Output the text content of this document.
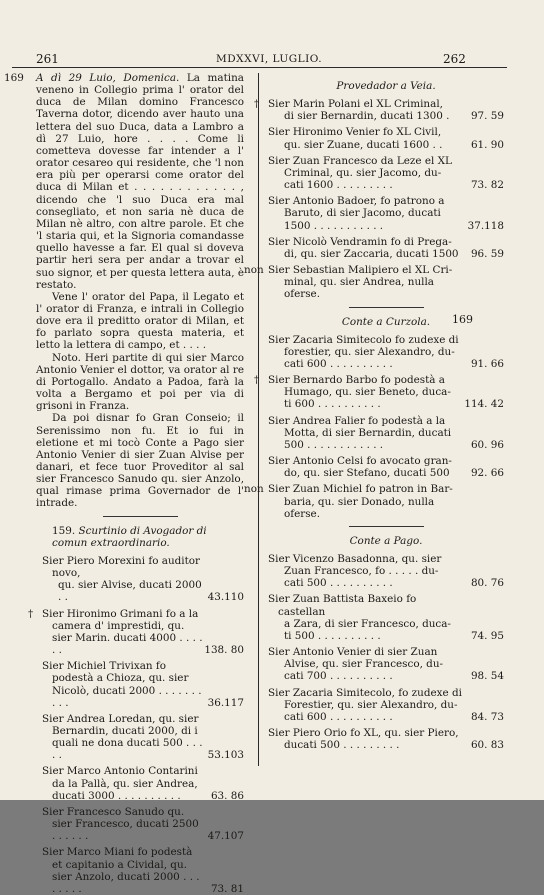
261	MDXXVI, LUGLIO.	262
169
169 A dì 29 Luio, Domenica. La matina veneno in Collegio prima l' orator del duca de Milan domino Francesco Taverna dotor, dicendo aver hauto una lettera del suo Duca, data a Lambro a dì 27 Luio, hore . . . . Come li cometteva dovesse far intender a l' orator cesareo qui residente, che 'l non era più per operarsi come orator del duca di Milan et . . . . . . . . . . . . , dicendo che 'l suo Duca era mal consegliato, et non saria nè duca de Milan nè altro, con altre parole. Et che 'l staria qui, et la Signoria comandasse quello havesse a far. El qual si doveva partir heri sera per andar a trovar el suo signor, et per questa lettera auta, è restato.

Vene l' orator del Papa, il Legato et l' orator di Franza, e intrali in Collegio dove era il preditto orator di Milan, et fo parlato sopra questa materia, et letto la lettera di campo, et . . . .

Noto. Heri partite di qui sier Marco Antonio Venier el dottor, va orator al re di Portogallo. Andato a Padoa, farà la volta a Bergamo et poi per via di grisoni in Franza.

Da poi disnar fo Gran Conseio; il Serenissimo non fu. Et io fui in eletione et mi tocò Conte a Pago sier Antonio Venier di sier Zuan Alvise per danari, et fece tuor Proveditor al sal sier Francesco Sanudo qu. sier Anzolo, qual rimase prima Governador de l' intrade.

159. Scurtinio di Avogador di comun extraordinario.
Sier Piero Morexini fo auditor novo,
qu. sier Alvise, ducati 2000 . .	43.110
† Sier Hironimo Grimani fo a la camera d' imprestidi, qu. sier Marin. ducati 4000 . . . . . .	138. 80
Sier Michiel Trivixan fo podestà a Chioza, qu. sier Nicolò, ducati 2000 . . . . . . . . . .	36.117
Sier Andrea Loredan, qu. sier Bernardin, ducati 2000, di i quali ne dona ducati 500 . . . . .	53.103
Sier Marco Antonio Contarini da la Pallà, qu. sier Andrea, ducati 3000 . . . . . . . . . .	63. 86
Sier Francesco Sanudo qu. sier Francesco, ducati 2500 . . . . . .	47.107
Sier Marco Miani fo podestà et capitanio a Cividal, qu. sier Anzolo, ducati 2000 . . . . . . . .	73. 81
Provedador a Veia.
† Sier Marin Polani el XL Criminal,
di sier Bernardin, ducati 1300 .	97. 59
Sier Hironimo Venier fo XL Civil,
qu. sier Zuane, ducati 1600 . .	61. 90
Sier Zuan Francesco da Leze el XL
Criminal, qu. sier Jacomo, du-
cati 1600 . . . . . . . . .	73. 82
Sier Antonio Badoer, fo patrono a
Baruto, di sier Jacomo, ducati
1500 . . . . . . . . . . .	37.118
Sier Nicolò Vendramin fo di Prega-
di, qu. sier Zaccaria, ducati 1500	96. 59
non Sier Sebastian Malipiero el XL Cri-
minal, qu. sier Andrea, nulla
oferse.
Conte a Curzola.
Sier Zacaria Simitecolo fo zudexe di
forestier, qu. sier Alexandro, du-
cati 600 . . . . . . . . . .	91. 66
† Sier Bernardo Barbo fo podestà a
Humago, qu. sier Beneto, duca-
ti 600 . . . . . . . . . .	114. 42
Sier Andrea Falier fo podestà a la
Motta, di sier Bernardin, ducati
500 . . . . . . . . . . . .	60. 96
Sier Antonio Celsi fo avocato gran-
do, qu. sier Stefano, ducati 500	92. 66
non Sier Zuan Michiel fo patron in Bar-
baria, qu. sier Donado, nulla oferse.
Conte a Pago.
Sier Vicenzo Basadonna, qu. sier
Zuan Francesco, fo . . . . . du-
cati 500 . . . . . . . . . .	80. 76
Sier Zuan Battista Baxeio fo castellan
a Zara, di sier Francesco, duca-
ti 500 . . . . . . . . . .	74. 95
Sier Antonio Venier di sier Zuan
Alvise, qu. sier Francesco, du-
cati 700 . . . . . . . . . .	98. 54
Sier Zacaria Simitecolo, fo zudexe di
Forestier, qu. sier Alexandro, du-
cati 600 . . . . . . . . . .	84. 73
Sier Piero Orio fo XL, qu. sier Piero,
ducati 500 . . . . . . . . .	60. 83
